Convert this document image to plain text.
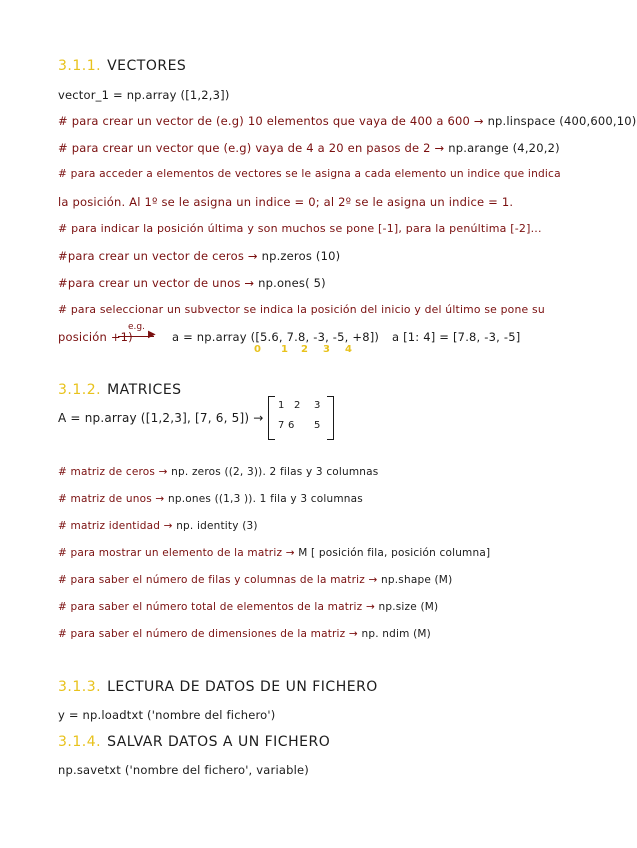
3.1.1. VECTORES
vector_1 = np.array ([1,2,3])
# para crear un vector de (e.g) 10 elementos que vaya de 400 a 600 → np.linspace (400,600,10)
# para crear un vector que (e.g) vaya de 4 a 20 en pasos de 2 → np.arange (4,20,2)
# para acceder a elementos de vectores se le asigna a cada elemento un indice que indica
la posición. Al 1º se le asigna un indice = 0; al 2º se le asigna un indice = 1.
# para indicar la posición última y son muchos se pone [-1], para la penúltima [-2]...
#para crear un vector de ceros → np.zeros (10)
#para crear un vector de unos → np.ones( 5)
# para seleccionar un subvector se indica la posición del inicio y del último se pone su
posición +1)
e.g.
▶ a = np.array ([5.6, 7.8, -3, -5, +8]) a [1: 4] = [7.8, -3, -5]
0 1 2 3 4
3.1.2. MATRICES
A = np.array ([1,2,3], [7, 6, 5]) →
1 2 3
7 6 5
# matriz de ceros → np. zeros ((2, 3)). 2 filas y 3 columnas
# matriz de unos → np.ones ((1,3 )). 1 fila y 3 columnas
# matriz identidad → np. identity (3)
# para mostrar un elemento de la matriz → M [ posición fila, posición columna]
# para saber el número de filas y columnas de la matriz → np.shape (M)
# para saber el número total de elementos de la matriz → np.size (M)
# para saber el número de dimensiones de la matriz → np. ndim (M)
3.1.3. LECTURA DE DATOS DE UN FICHERO
y = np.loadtxt ('nombre del fichero')
3.1.4. SALVAR DATOS A UN FICHERO
np.savetxt ('nombre del fichero', variable)
